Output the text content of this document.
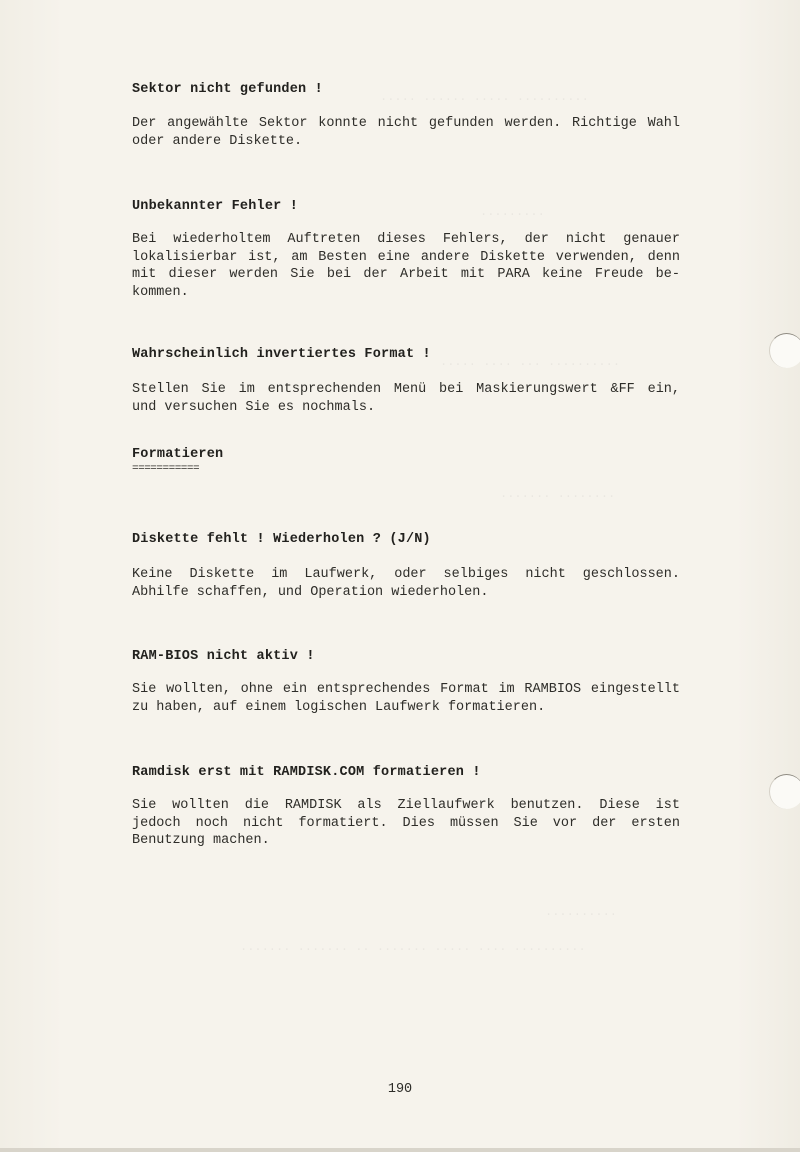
..... ...... ..... ..........
.........
..... .... ... ..........
....... ........
..........
....... ....... .. ....... ..... .... ..........
Sektor nicht gefunden !
Der angewählte Sektor konnte nicht gefunden werden. Richtige Wahl
oder andere Diskette.
Unbekannter Fehler !
Bei wiederholtem Auftreten dieses Fehlers, der nicht genauer
lokalisierbar ist, am Besten eine andere Diskette verwenden, denn
mit dieser werden Sie bei der Arbeit mit PARA keine Freude be-
kommen.
Wahrscheinlich invertiertes Format !
Stellen Sie im entsprechenden Menü bei Maskierungswert &FF ein,
und versuchen Sie es nochmals.
Formatieren
===========
Diskette fehlt ! Wiederholen ? (J/N)
Keine Diskette im Laufwerk, oder selbiges nicht geschlossen.
Abhilfe schaffen, und Operation wiederholen.
RAM-BIOS nicht aktiv !
Sie wollten, ohne ein entsprechendes Format im RAMBIOS eingestellt
zu haben, auf einem logischen Laufwerk formatieren.
Ramdisk erst mit RAMDISK.COM formatieren !
Sie wollten die RAMDISK als Ziellaufwerk benutzen. Diese ist
jedoch noch nicht formatiert. Dies müssen Sie vor der ersten
Benutzung machen.
190
